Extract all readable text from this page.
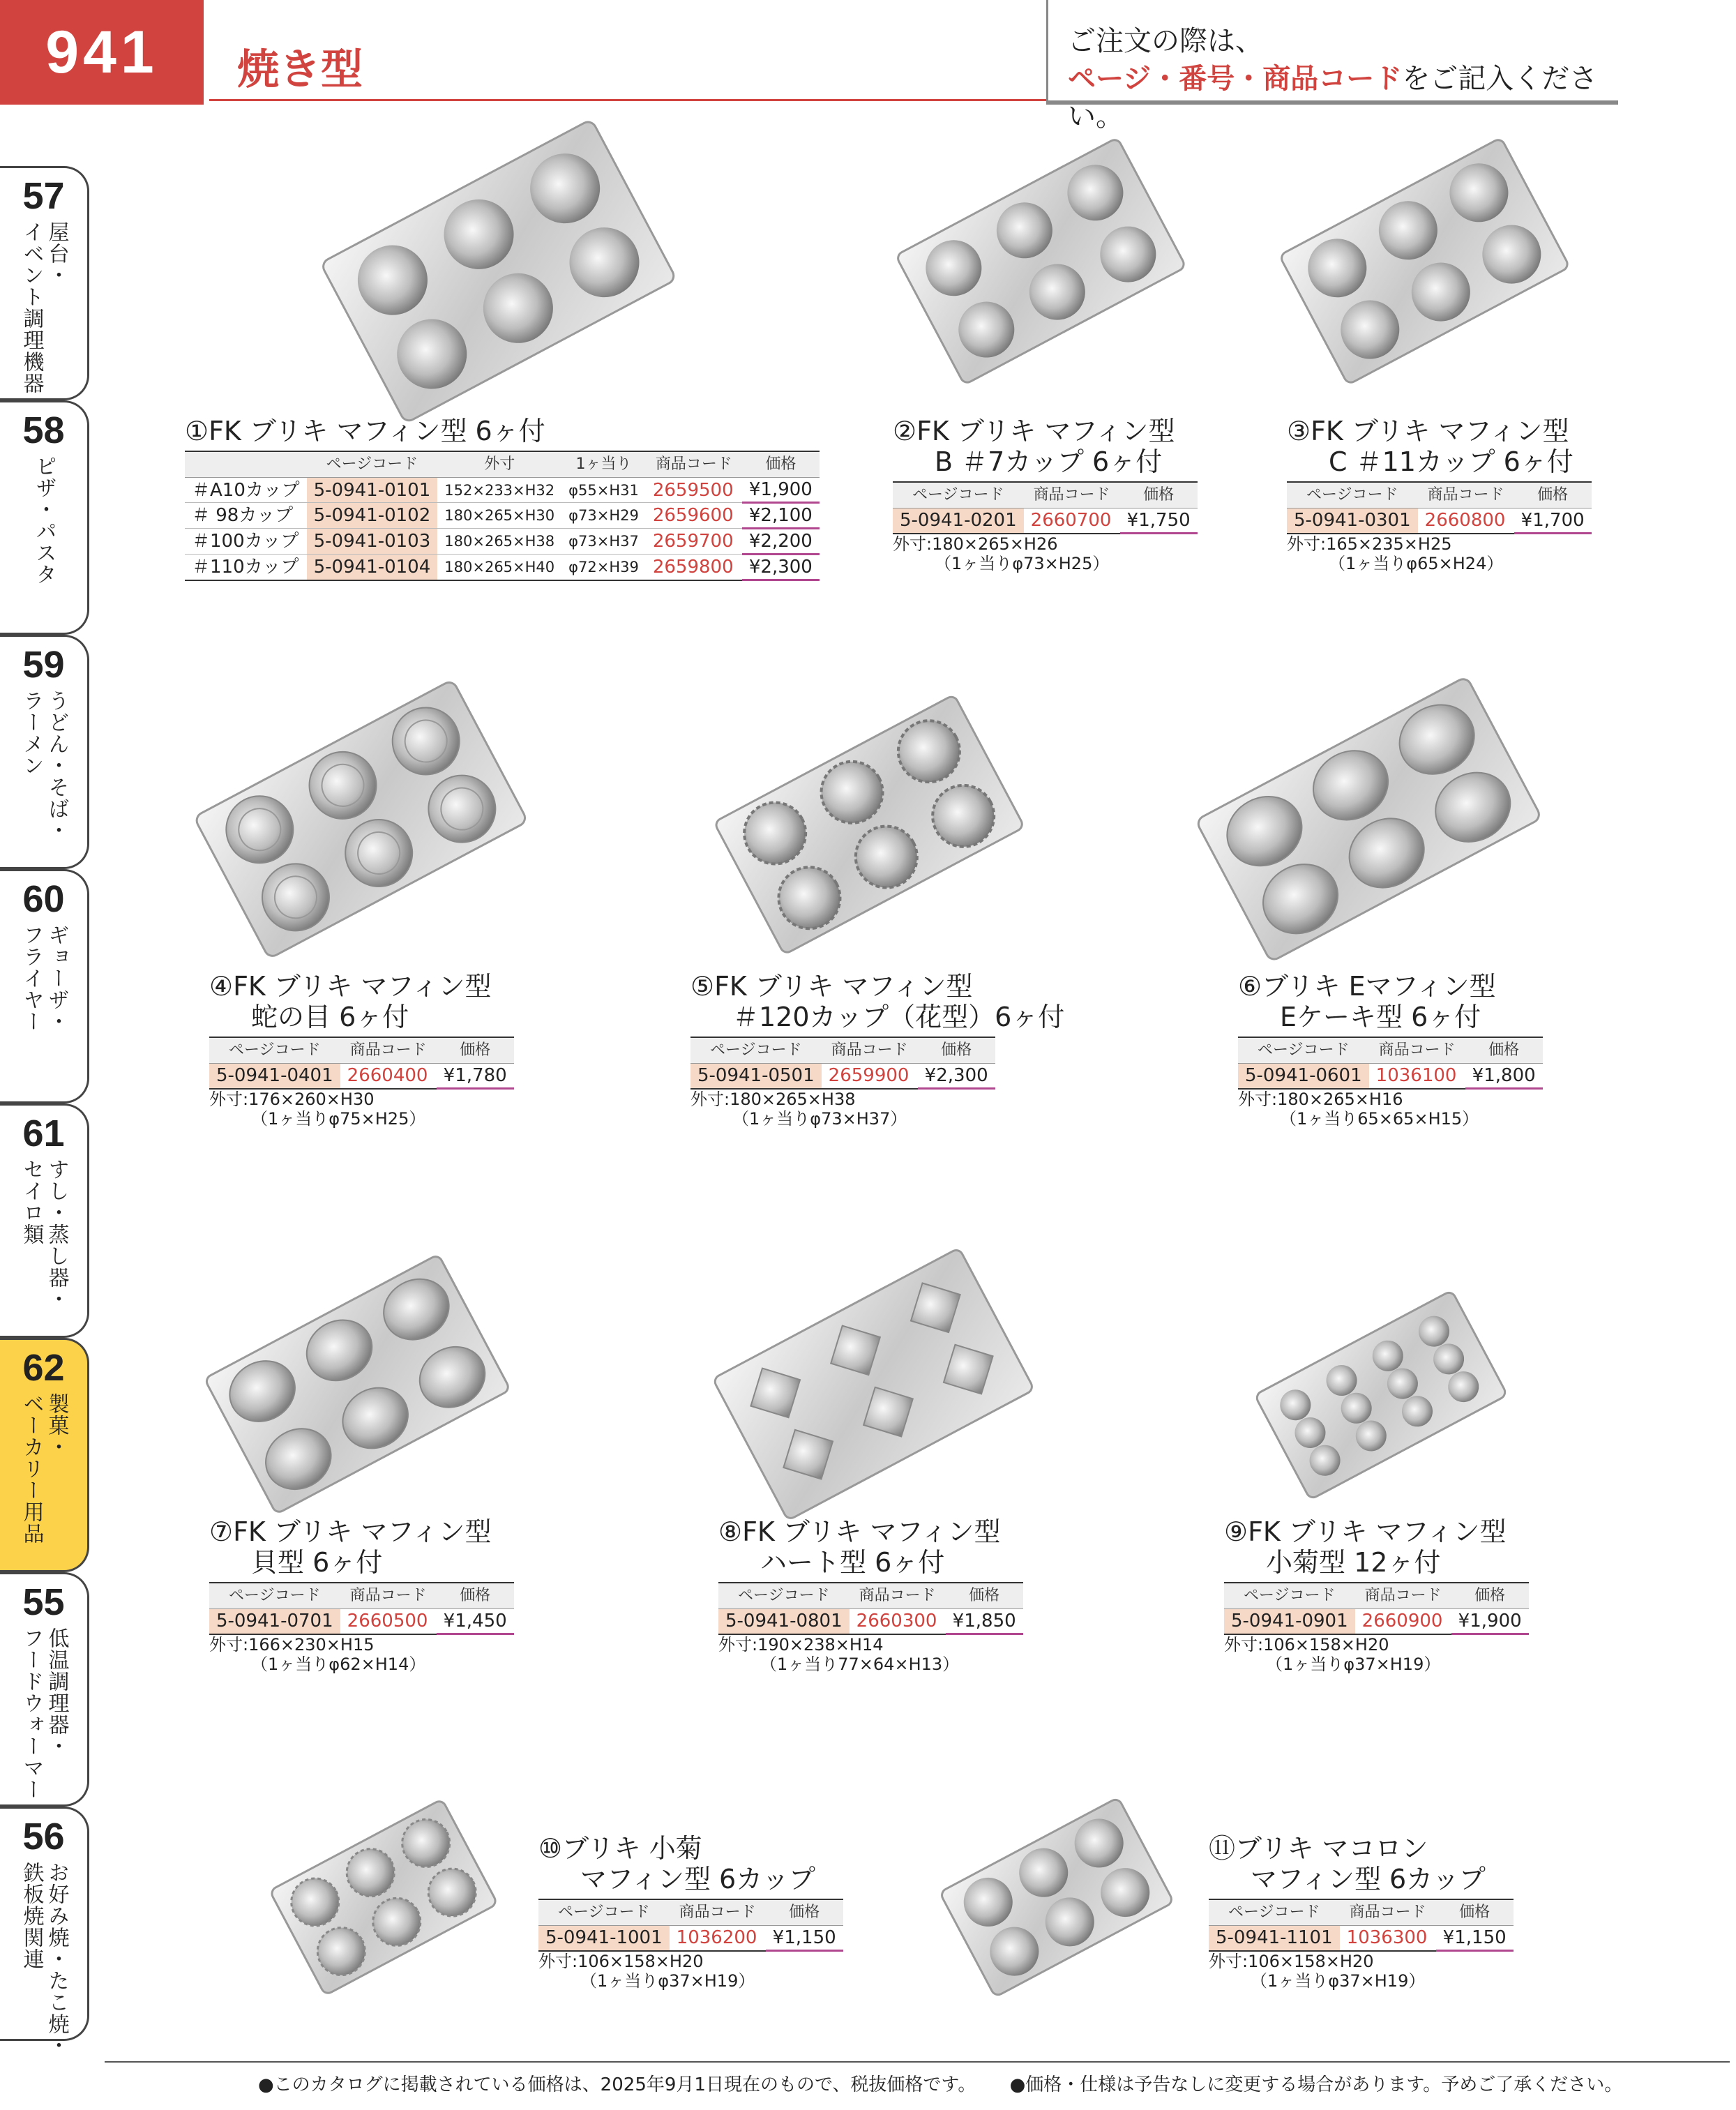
941	焼き型
ご注文の際は、
ページ・番号・商品コードをご記入ください。
57
屋台・
イベント調理機器
58
ピザ・パスタ
59
うどん・そば・
ラーメン
60
ギョーザ・
フライヤー
61
すし・蒸し器・
セイロ類
62
製菓・
ベーカリー用品
55
低温調理器・
フードウォーマー
56
お好み焼・たこ焼・
鉄板焼関連
①FK ブリキ マフィン型 6ヶ付
	ページコード	外寸	1ヶ当り	商品コード	価格
＃A10カップ	5-0941-0101	152×233×H32	φ55×H31	2659500	¥1,900
＃ 98カップ	5-0941-0102	180×265×H30	φ73×H29	2659600	¥2,100
＃100カップ	5-0941-0103	180×265×H38	φ73×H37	2659700	¥2,200
＃110カップ	5-0941-0104	180×265×H40	φ72×H39	2659800	¥2,300
②FK ブリキ マフィン型
B ＃7カップ 6ヶ付
ページコード	商品コード	価格
5-0941-0201	2660700	¥1,750
外寸:180×265×H26
（1ヶ当りφ73×H25）
③FK ブリキ マフィン型
C ＃11カップ 6ヶ付
ページコード	商品コード	価格
5-0941-0301	2660800	¥1,700
外寸:165×235×H25
（1ヶ当りφ65×H24）
④FK ブリキ マフィン型
蛇の目 6ヶ付
ページコード	商品コード	価格
5-0941-0401	2660400	¥1,780
外寸:176×260×H30
（1ヶ当りφ75×H25）
⑤FK ブリキ マフィン型
＃120カップ（花型）6ヶ付
ページコード	商品コード	価格
5-0941-0501	2659900	¥2,300
外寸:180×265×H38
（1ヶ当りφ73×H37）
⑥ブリキ Eマフィン型
Eケーキ型 6ヶ付
ページコード	商品コード	価格
5-0941-0601	1036100	¥1,800
外寸:180×265×H16
（1ヶ当り65×65×H15）
⑦FK ブリキ マフィン型
貝型 6ヶ付
ページコード	商品コード	価格
5-0941-0701	2660500	¥1,450
外寸:166×230×H15
（1ヶ当りφ62×H14）
⑧FK ブリキ マフィン型
ハート型 6ヶ付
ページコード	商品コード	価格
5-0941-0801	2660300	¥1,850
外寸:190×238×H14
（1ヶ当り77×64×H13）
⑨FK ブリキ マフィン型
小菊型 12ヶ付
ページコード	商品コード	価格
5-0941-0901	2660900	¥1,900
外寸:106×158×H20
（1ヶ当りφ37×H19）
⑩ブリキ 小菊
マフィン型 6カップ
ページコード	商品コード	価格
5-0941-1001	1036200	¥1,150
外寸:106×158×H20
（1ヶ当りφ37×H19）
⑪ブリキ マコロン
マフィン型 6カップ
ページコード	商品コード	価格
5-0941-1101	1036300	¥1,150
外寸:106×158×H20
（1ヶ当りφ37×H19）
●このカタログに掲載されている価格は、2025年9月1日現在のもので、税抜価格です。 ●価格・仕様は予告なしに変更する場合があります。予めご了承ください。
